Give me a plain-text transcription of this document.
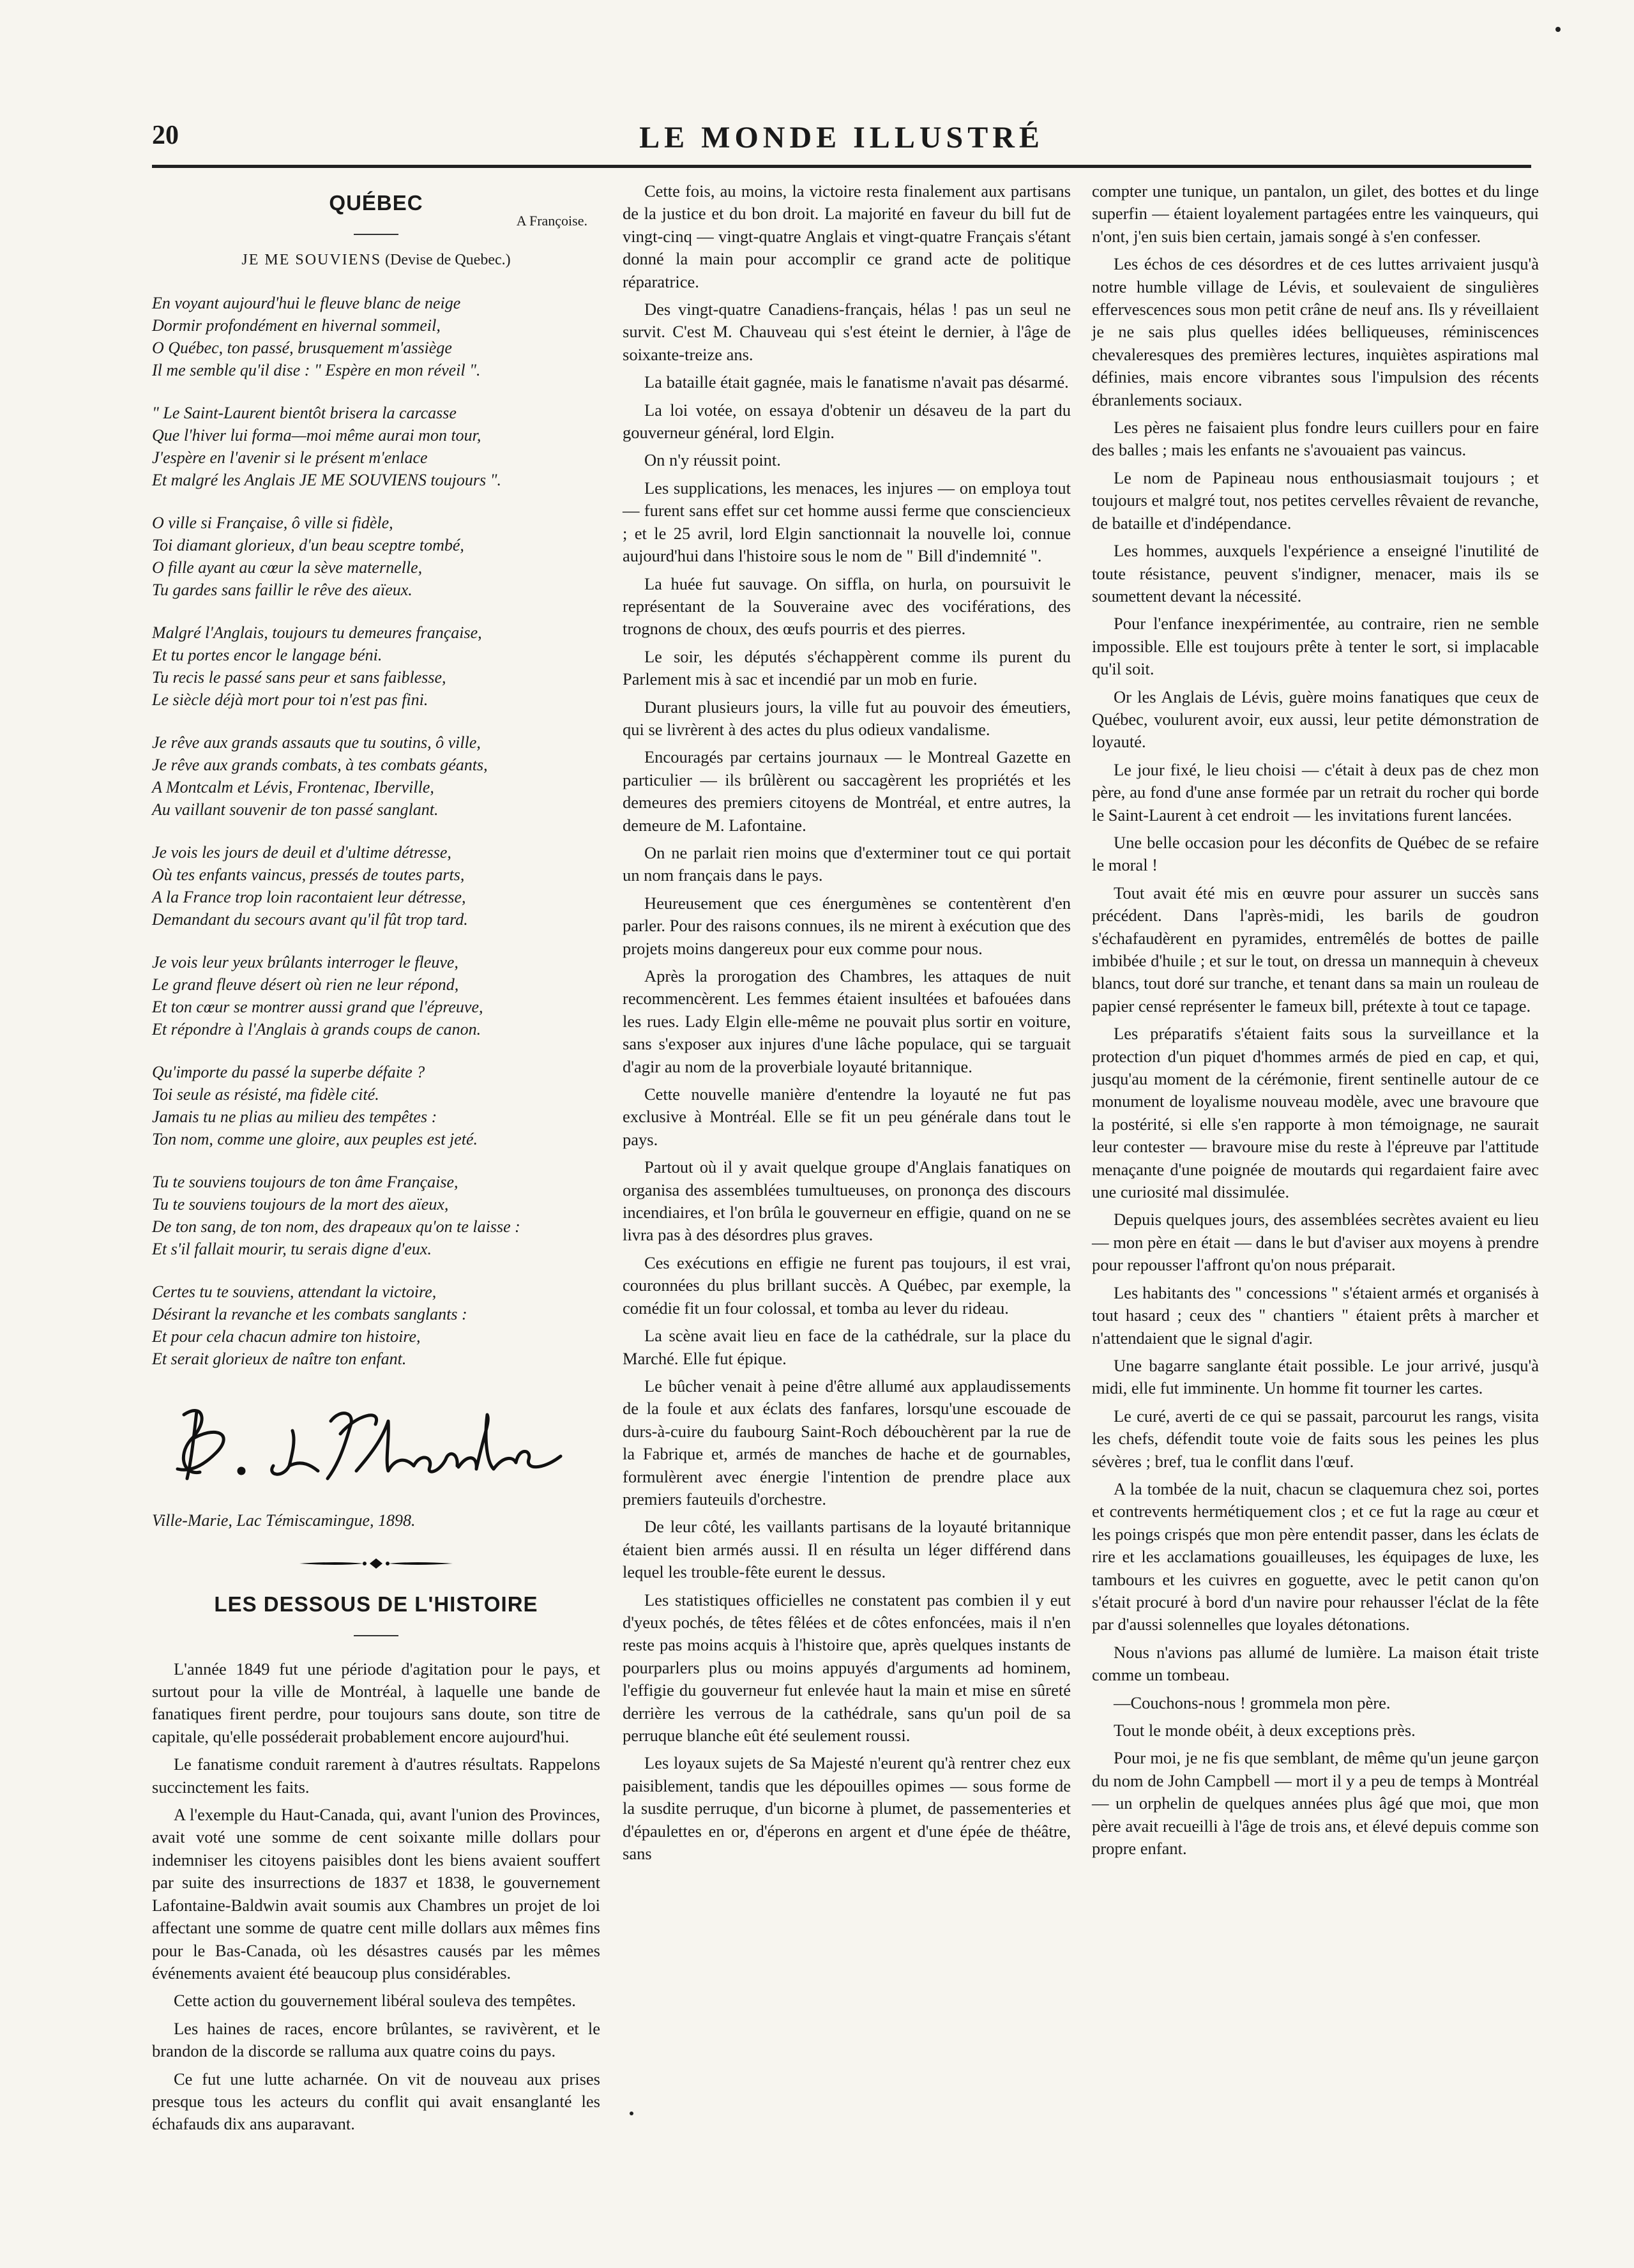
20	LE MONDE ILLUSTRÉ
QUÉBEC
A Françoise.
JE ME SOUVIENS (Devise de Quebec.)
En voyant aujourd'hui le fleuve blanc de neige
Dormir profondément en hivernal sommeil,
O Québec, ton passé, brusquement m'assiège
Il me semble qu'il dise : " Espère en mon réveil ".
" Le Saint-Laurent bientôt brisera la carcasse
Que l'hiver lui forma—moi même aurai mon tour,
J'espère en l'avenir si le présent m'enlace
Et malgré les Anglais JE ME SOUVIENS toujours ".
O ville si Française, ô ville si fidèle,
Toi diamant glorieux, d'un beau sceptre tombé,
O fille ayant au cœur la sève maternelle,
Tu gardes sans faillir le rêve des aïeux.
Malgré l'Anglais, toujours tu demeures française,
Et tu portes encor le langage béni.
Tu recis le passé sans peur et sans faiblesse,
Le siècle déjà mort pour toi n'est pas fini.
Je rêve aux grands assauts que tu soutins, ô ville,
Je rêve aux grands combats, à tes combats géants,
A Montcalm et Lévis, Frontenac, Iberville,
Au vaillant souvenir de ton passé sanglant.
Je vois les jours de deuil et d'ultime détresse,
Où tes enfants vaincus, pressés de toutes parts,
A la France trop loin racontaient leur détresse,
Demandant du secours avant qu'il fût trop tard.
Je vois leur yeux brûlants interroger le fleuve,
Le grand fleuve désert où rien ne leur répond,
Et ton cœur se montrer aussi grand que l'épreuve,
Et répondre à l'Anglais à grands coups de canon.
Qu'importe du passé la superbe défaite ?
Toi seule as résisté, ma fidèle cité.
Jamais tu ne plias au milieu des tempêtes :
Ton nom, comme une gloire, aux peuples est jeté.
Tu te souviens toujours de ton âme Française,
Tu te souviens toujours de la mort des aïeux,
De ton sang, de ton nom, des drapeaux qu'on te laisse :
Et s'il fallait mourir, tu serais digne d'eux.
Certes tu te souviens, attendant la victoire,
Désirant la revanche et les combats sanglants :
Et pour cela chacun admire ton histoire,
Et serait glorieux de naître ton enfant.
B. de Flandre
Ville-Marie, Lac Témiscamingue, 1898.
LES DESSOUS DE L'HISTOIRE

L'année 1849 fut une période d'agitation pour le pays, et surtout pour la ville de Montréal, à laquelle une bande de fanatiques firent perdre, pour toujours sans doute, son titre de capitale, qu'elle posséderait probablement encore aujourd'hui.

Le fanatisme conduit rarement à d'autres résultats. Rappelons succinctement les faits.

A l'exemple du Haut-Canada, qui, avant l'union des Provinces, avait voté une somme de cent soixante mille dollars pour indemniser les citoyens paisibles dont les biens avaient souffert par suite des insurrections de 1837 et 1838, le gouvernement Lafontaine-Baldwin avait soumis aux Chambres un projet de loi affectant une somme de quatre cent mille dollars aux mêmes fins pour le Bas-Canada, où les désastres causés par les mêmes événements avaient été beaucoup plus considérables.

Cette action du gouvernement libéral souleva des tempêtes.

Les haines de races, encore brûlantes, se ravivèrent, et le brandon de la discorde se ralluma aux quatre coins du pays.

Ce fut une lutte acharnée. On vit de nouveau aux prises presque tous les acteurs du conflit qui avait ensanglanté les échafauds dix ans auparavant.

Cette fois, au moins, la victoire resta finalement aux partisans de la justice et du bon droit. La majorité en faveur du bill fut de vingt-cinq — vingt-quatre Anglais et vingt-quatre Français s'étant donné la main pour accomplir ce grand acte de politique réparatrice.

Des vingt-quatre Canadiens-français, hélas ! pas un seul ne survit. C'est M. Chauveau qui s'est éteint le dernier, à l'âge de soixante-treize ans.

La bataille était gagnée, mais le fanatisme n'avait pas désarmé.

La loi votée, on essaya d'obtenir un désaveu de la part du gouverneur général, lord Elgin.

On n'y réussit point.

Les supplications, les menaces, les injures — on employa tout — furent sans effet sur cet homme aussi ferme que consciencieux ; et le 25 avril, lord Elgin sanctionnait la nouvelle loi, connue aujourd'hui dans l'histoire sous le nom de " Bill d'indemnité ".

La huée fut sauvage. On siffla, on hurla, on poursuivit le représentant de la Souveraine avec des vociférations, des trognons de choux, des œufs pourris et des pierres.

Le soir, les députés s'échappèrent comme ils purent du Parlement mis à sac et incendié par un mob en furie.

Durant plusieurs jours, la ville fut au pouvoir des émeutiers, qui se livrèrent à des actes du plus odieux vandalisme.

Encouragés par certains journaux — le Montreal Gazette en particulier — ils brûlèrent ou saccagèrent les propriétés et les demeures des premiers citoyens de Montréal, et entre autres, la demeure de M. Lafontaine.

On ne parlait rien moins que d'exterminer tout ce qui portait un nom français dans le pays.

Heureusement que ces énergumènes se contentèrent d'en parler. Pour des raisons connues, ils ne mirent à exécution que des projets moins dangereux pour eux comme pour nous.

Après la prorogation des Chambres, les attaques de nuit recommencèrent. Les femmes étaient insultées et bafouées dans les rues. Lady Elgin elle-même ne pouvait plus sortir en voiture, sans s'exposer aux injures d'une lâche populace, qui se targuait d'agir au nom de la proverbiale loyauté britannique.

Cette nouvelle manière d'entendre la loyauté ne fut pas exclusive à Montréal. Elle se fit un peu générale dans tout le pays.

Partout où il y avait quelque groupe d'Anglais fanatiques on organisa des assemblées tumultueuses, on prononça des discours incendiaires, et l'on brûla le gouverneur en effigie, quand on ne se livra pas à des désordres plus graves.

Ces exécutions en effigie ne furent pas toujours, il est vrai, couronnées du plus brillant succès. A Québec, par exemple, la comédie fit un four colossal, et tomba au lever du rideau.

La scène avait lieu en face de la cathédrale, sur la place du Marché. Elle fut épique.

Le bûcher venait à peine d'être allumé aux applaudissements de la foule et aux éclats des fanfares, lorsqu'une escouade de durs-à-cuire du faubourg Saint-Roch débouchèrent par la rue de la Fabrique et, armés de manches de hache et de gournables, formulèrent avec énergie l'intention de prendre place aux premiers fauteuils d'orchestre.

De leur côté, les vaillants partisans de la loyauté britannique étaient bien armés aussi. Il en résulta un léger différend dans lequel les trouble-fête eurent le dessus.

Les statistiques officielles ne constatent pas combien il y eut d'yeux pochés, de têtes fêlées et de côtes enfoncées, mais il n'en reste pas moins acquis à l'histoire que, après quelques instants de pourparlers plus ou moins appuyés d'arguments ad hominem, l'effigie du gouverneur fut enlevée haut la main et mise en sûreté derrière les verrous de la cathédrale, sans qu'un poil de sa perruque blanche eût été seulement roussi.

Les loyaux sujets de Sa Majesté n'eurent qu'à rentrer chez eux paisiblement, tandis que les dépouilles opimes — sous forme de la susdite perruque, d'un bicorne à plumet, de passementeries et d'épaulettes en or, d'éperons en argent et d'une épée de théâtre, sans

compter une tunique, un pantalon, un gilet, des bottes et du linge superfin — étaient loyalement partagées entre les vainqueurs, qui n'ont, j'en suis bien certain, jamais songé à s'en confesser.

Les échos de ces désordres et de ces luttes arrivaient jusqu'à notre humble village de Lévis, et soulevaient de singulières effervescences sous mon petit crâne de neuf ans. Ils y réveillaient je ne sais plus quelles idées belliqueuses, réminiscences chevaleresques des premières lectures, inquiètes aspirations mal définies, mais encore vibrantes sous l'impulsion des récents ébranlements sociaux.

Les pères ne faisaient plus fondre leurs cuillers pour en faire des balles ; mais les enfants ne s'avouaient pas vaincus.

Le nom de Papineau nous enthousiasmait toujours ; et toujours et malgré tout, nos petites cervelles rêvaient de revanche, de bataille et d'indépendance.

Les hommes, auxquels l'expérience a enseigné l'inutilité de toute résistance, peuvent s'indigner, menacer, mais ils se soumettent devant la nécessité.

Pour l'enfance inexpérimentée, au contraire, rien ne semble impossible. Elle est toujours prête à tenter le sort, si implacable qu'il soit.

Or les Anglais de Lévis, guère moins fanatiques que ceux de Québec, voulurent avoir, eux aussi, leur petite démonstration de loyauté.

Le jour fixé, le lieu choisi — c'était à deux pas de chez mon père, au fond d'une anse formée par un retrait du rocher qui borde le Saint-Laurent à cet endroit — les invitations furent lancées.

Une belle occasion pour les déconfits de Québec de se refaire le moral !

Tout avait été mis en œuvre pour assurer un succès sans précédent. Dans l'après-midi, les barils de goudron s'échafaudèrent en pyramides, entremêlés de bottes de paille imbibée d'huile ; et sur le tout, on dressa un mannequin à cheveux blancs, tout doré sur tranche, et tenant dans sa main un rouleau de papier censé représenter le fameux bill, prétexte à tout ce tapage.

Les préparatifs s'étaient faits sous la surveillance et la protection d'un piquet d'hommes armés de pied en cap, et qui, jusqu'au moment de la cérémonie, firent sentinelle autour de ce monument de loyalisme nouveau modèle, avec une bravoure que la postérité, si elle s'en rapporte à mon témoignage, ne saurait leur contester — bravoure mise du reste à l'épreuve par l'attitude menaçante d'une poignée de moutards qui regardaient faire avec une curiosité mal dissimulée.

Depuis quelques jours, des assemblées secrètes avaient eu lieu — mon père en était — dans le but d'aviser aux moyens à prendre pour repousser l'affront qu'on nous préparait.

Les habitants des " concessions " s'étaient armés et organisés à tout hasard ; ceux des " chantiers " étaient prêts à marcher et n'attendaient que le signal d'agir.

Une bagarre sanglante était possible. Le jour arrivé, jusqu'à midi, elle fut imminente. Un homme fit tourner les cartes.

Le curé, averti de ce qui se passait, parcourut les rangs, visita les chefs, défendit toute voie de faits sous les peines les plus sévères ; bref, tua le conflit dans l'œuf.

A la tombée de la nuit, chacun se claquemura chez soi, portes et contrevents hermétiquement clos ; et ce fut la rage au cœur et les poings crispés que mon père entendit passer, dans les éclats de rire et les acclamations gouailleuses, les équipages de luxe, les tambours et les cuivres en goguette, avec le petit canon qu'on s'était procuré à bord d'un navire pour rehausser l'éclat de la fête par d'aussi solennelles que loyales détonations.

Nous n'avions pas allumé de lumière. La maison était triste comme un tombeau.

—Couchons-nous ! grommela mon père.

Tout le monde obéit, à deux exceptions près.

Pour moi, je ne fis que semblant, de même qu'un jeune garçon du nom de John Campbell — mort il y a peu de temps à Montréal — un orphelin de quelques années plus âgé que moi, que mon père avait recueilli à l'âge de trois ans, et élevé depuis comme son propre enfant.
